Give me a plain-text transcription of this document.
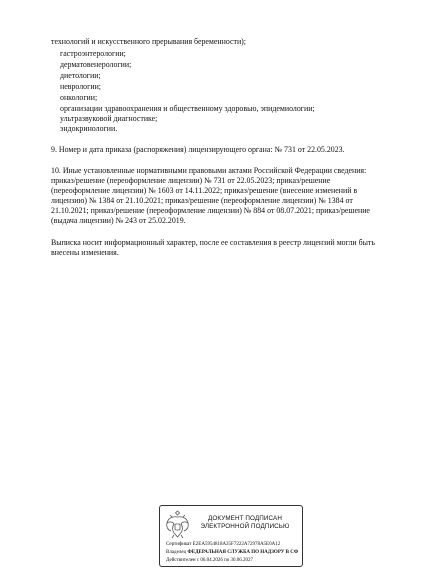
технологий и искусственного прерывания беременности);
гастроэнтерологии;
дерматовенерологии;
диетологии;
неврологии;
онкологии;
организации здравоохранения и общественному здоровью, эпидемиологии;
ультразвуковой диагностике;
эндокринологии.
9. Номер и дата приказа (распоряжения) лицензирующего органа: № 731 от 22.05.2023.
10. Иные установленные нормативными правовыми актами Российской Федерации сведения:
приказ/решение (переоформление лицензии) № 731 от 22.05.2023; приказ/решение
(переоформление лицензии) № 1603 от 14.11.2022; приказ/решение (внесение изменений в
лицензию) № 1384 от 21.10.2021; приказ/решение (переоформление лицензии) № 1384 от
21.10.2021; приказ/решение (переоформление лицензии) № 884 от 08.07.2021; приказ/решение
(выдача лицензии) № 243 от 25.02.2019.
Выписка носит информационный характер, после ее составления в реестр лицензий могли быть
внесены изменения.
ДОКУМЕНТ ПОДПИСАН
ЭЛЕКТРОННОЙ ПОДПИСЬЮ
Сертификат E2EA5954818A35F7222A72978A5E0A12
Владелец ФЕДЕРАЛЬНАЯ СЛУЖБА ПО НАДЗОРУ В СФ
Действителен с 06.04.2026 по 30.06.2027
